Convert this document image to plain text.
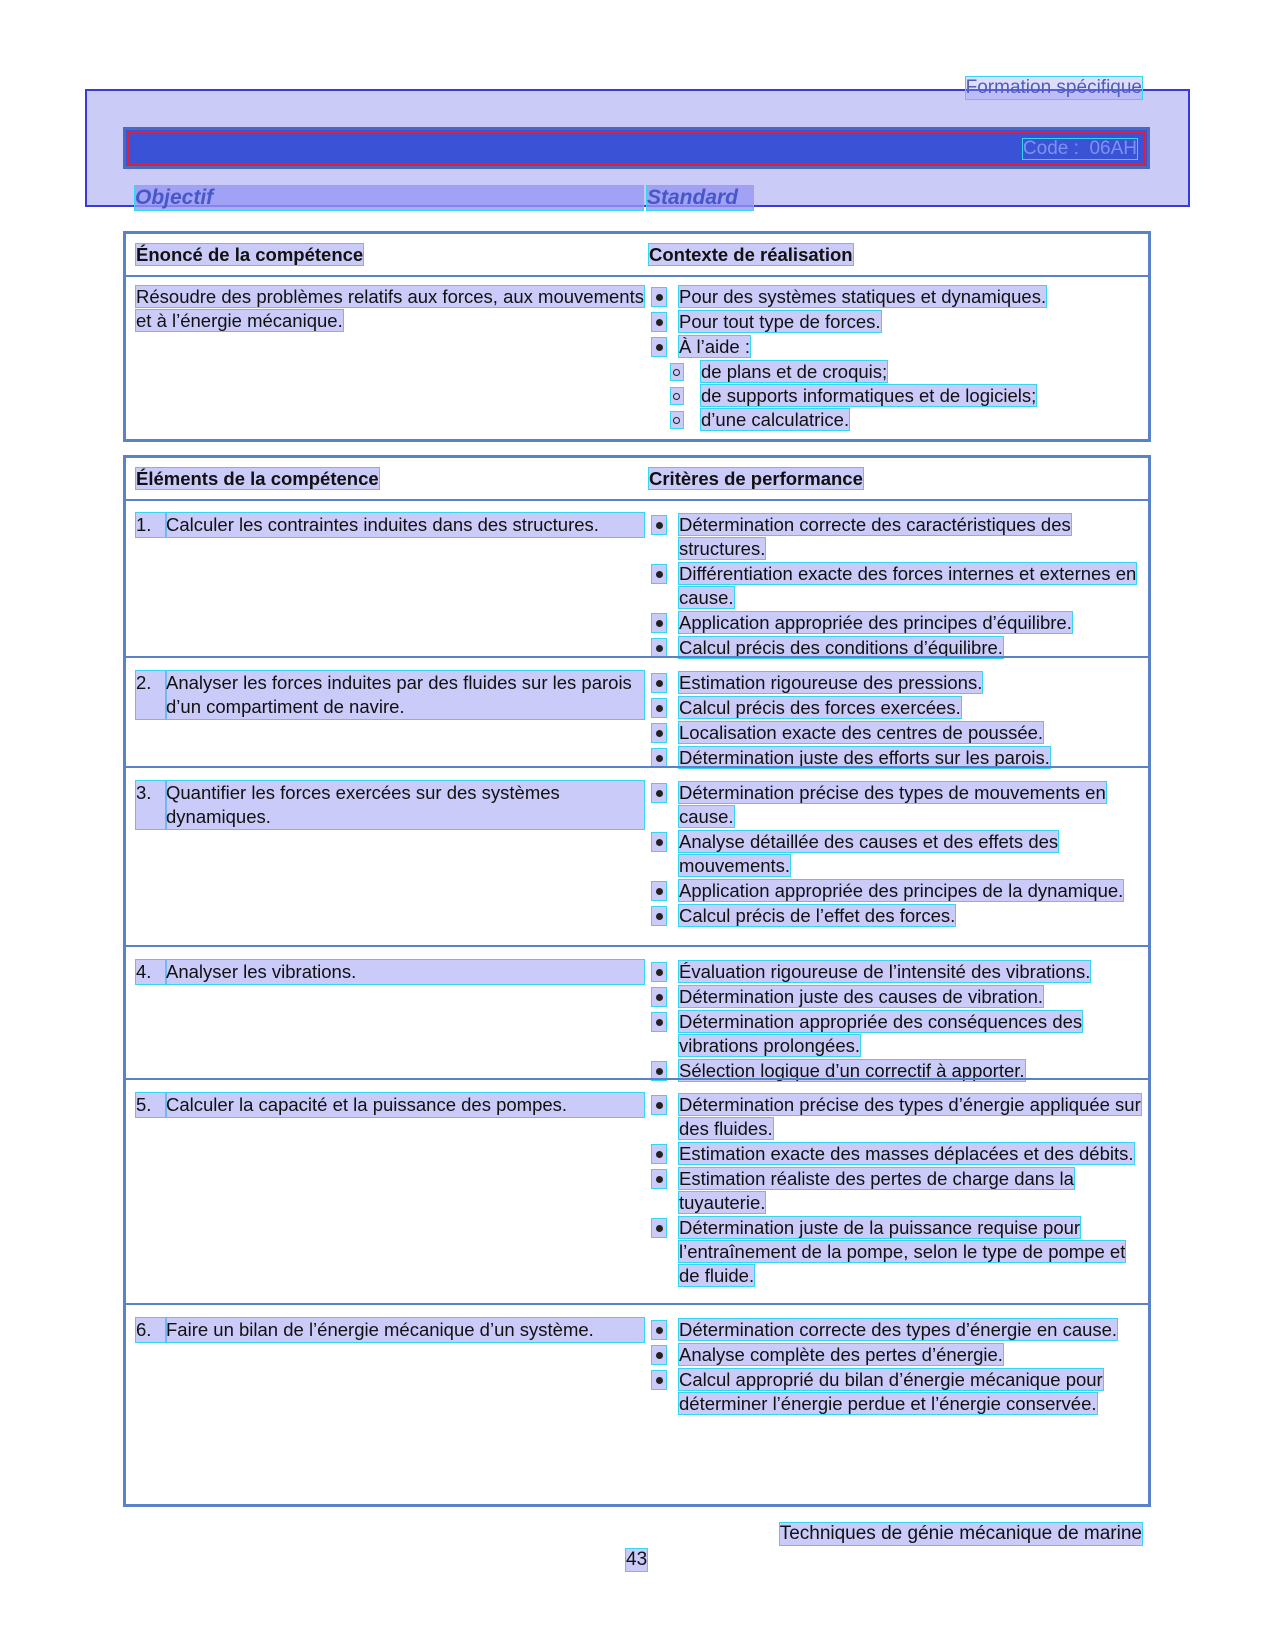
Formation spécifique
Code :  06AH
Objectif	Standard
Énoncé de la compétence	Contexte de réalisation
Résoudre des problèmes relatifs aux forces, aux mouvements et à l’énergie mécanique.
Pour des systèmes statiques et dynamiques.
Pour tout type de forces.
À l’aide :
de plans et de croquis;
de supports informatiques et de logiciels;
d’une calculatrice.
Éléments de la compétence	Critères de performance
1. Calculer les contraintes induites dans des structures.	Détermination correcte des caractéristiques des structures.
Différentiation exacte des forces internes et externes en cause.
Application appropriée des principes d’équilibre.
Calcul précis des conditions d’équilibre.
2. Analyser les forces induites par des fluides sur les parois d’un compartiment de navire.
Estimation rigoureuse des pressions.
Calcul précis des forces exercées.
Localisation exacte des centres de poussée.
Détermination juste des efforts sur les parois.
3. Quantifier les forces exercées sur des systèmes dynamiques.
Détermination précise des types de mouvements en cause.
Analyse détaillée des causes et des effets des mouvements.
Application appropriée des principes de la dynamique.
Calcul précis de l’effet des forces.
4. Analyser les vibrations.	Évaluation rigoureuse de l’intensité des vibrations.
Détermination juste des causes de vibration.
Détermination appropriée des conséquences des vibrations prolongées.
Sélection logique d’un correctif à apporter.
5. Calculer la capacité et la puissance des pompes.	Détermination précise des types d’énergie appliquée sur des fluides.
Estimation exacte des masses déplacées et des débits.
Estimation réaliste des pertes de charge dans la tuyauterie.
Détermination juste de la puissance requise pour l’entraînement de la pompe, selon le type de pompe et de fluide.
6. Faire un bilan de l’énergie mécanique d’un système.	Détermination correcte des types d’énergie en cause.
Analyse complète des pertes d’énergie.
Calcul approprié du bilan d’énergie mécanique pour déterminer l’énergie perdue et l’énergie conservée.
Techniques de génie mécanique de marine
43
